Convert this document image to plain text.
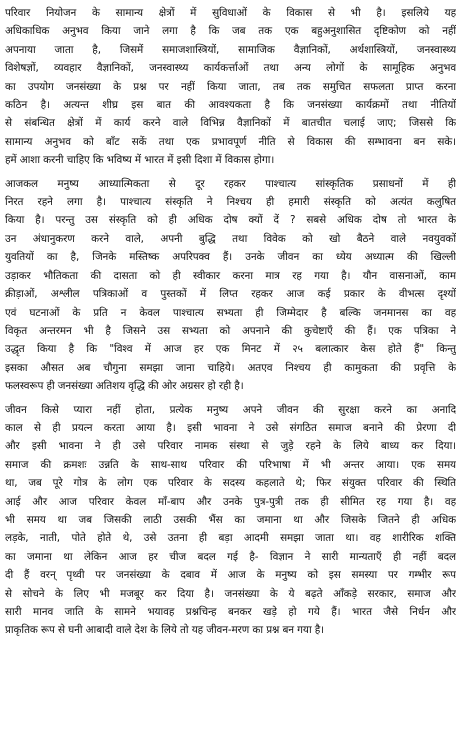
परिवार नियोजन के सामान्य क्षेत्रों में सुविधाओं के विकास से भी है। इसलिये यह
अधिकाधिक अनुभव किया जाने लगा है कि जब तक एक बहुअनुशासित दृष्टिकोण को नहीं
अपनाया जाता है, जिसमें समाजशास्त्रियों, सामाजिक वैज्ञानिकों, अर्थशास्त्रियों, जनस्वास्थ्य
विशेषज्ञों, व्यवहार वैज्ञानिकों, जनस्वास्थ्य कार्यकर्त्ताओं तथा अन्य लोगों के सामूहिक अनुभव
का उपयोग जनसंख्या के प्रश्न पर नहीं किया जाता, तब तक समुचित सफलता प्राप्त करना
कठिन है। अत्यन्त शीघ्र इस बात की आवश्यकता है कि जनसंख्या कार्यक्रमों तथा नीतियों
से संबन्धित क्षेत्रों में कार्य करने वाले विभिन्न वैज्ञानिकों में बातचीत चलाई जाए; जिससे कि
सामान्य अनुभव को बाँट सकें तथा एक प्रभावपूर्ण नीति से विकास की सम्भावना बन सके।
हमें आशा करनी चाहिए कि भविष्य में भारत में इसी दिशा में विकास होगा।
आजकल मनुष्य आध्यात्मिकता से दूर रहकर पाश्चात्य सांस्कृतिक प्रसाधनों में ही
निरत रहने लगा है। पाश्चात्य संस्कृति ने निश्चय ही हमारी संस्कृति को अत्यंत कलुषित
किया है। परन्तु उस संस्कृति को ही अधिक दोष क्यों दें ? सबसे अधिक दोष तो भारत के
उन अंधानुकरण करने वाले, अपनी बुद्धि तथा विवेक को खो बैठने वाले नवयुवकों
युवतियों का है, जिनके मस्तिष्क अपरिपक्व हैं। उनके जीवन का ध्येय अध्यात्म की खिल्ली
उड़ाकर भौतिकता की दासता को ही स्वीकार करना मात्र रह गया है। यौन वासनाओं, काम
क्रीड़ाओं, अश्लील पत्रिकाओं व पुस्तकों में लिप्त रहकर आज कई प्रकार के वीभत्स दृश्यों
एवं घटनाओं के प्रति न केवल पाश्चात्य सभ्यता ही जिम्मेदार है बल्कि जनमानस का वह
विकृत अन्तरमन भी है जिसने उस सभ्यता को अपनाने की कुचेष्टाएँ की हैं। एक पत्रिका ने
उद्धृत किया है कि "विश्व में आज हर एक मिनट में २५ बलात्कार केस होते हैं" किन्तु
इसका औसत अब चौगुना समझा जाना चाहिये। अतएव निश्चय ही कामुकता की प्रवृत्ति के
फलस्वरूप ही जनसंख्या अतिशय वृद्धि की ओर अग्रसर हो रही है।
जीवन किसे प्यारा नहीं होता, प्रत्येक मनुष्य अपने जीवन की सुरक्षा करने का अनादि
काल से ही प्रयत्न करता आया है। इसी भावना ने उसे संगठित समाज बनाने की प्रेरणा दी
और इसी भावना ने ही उसे परिवार नामक संस्था से जुड़े रहने के लिये बाध्य कर दिया।
समाज की क्रमशः उन्नति के साथ-साथ परिवार की परिभाषा में भी अन्तर आया। एक समय
था, जब पूरे गोत्र के लोग एक परिवार के सदस्य कहलाते थे; फिर संयुक्त परिवार की स्थिति
आई और आज परिवार केवल माँ-बाप और उनके पुत्र-पुत्री तक ही सीमित रह गया है। वह
भी समय था जब जिसकी लाठी उसकी भैंस का जमाना था और जिसके जितने ही अधिक
लड़के, नाती, पोते होते थे, उसे उतना ही बड़ा आदमी समझा जाता था। वह शारीरिक शक्ति
का जमाना था लेकिन आज हर चीज बदल गई है- विज्ञान ने सारी मान्यताएँ ही नहीं बदल
दी हैं वरन् पृथ्वी पर जनसंख्या के दबाव में आज के मनुष्य को इस समस्या पर गम्भीर रूप
से सोचने के लिए भी मजबूर कर दिया है। जनसंख्या के ये बढ़ते आँकड़े सरकार, समाज और
सारी मानव जाति के सामने भयावह प्रश्नचिन्ह बनकर खड़े हो गये हैं। भारत जैसे निर्धन और
प्राकृतिक रूप से घनी आबादी वाले देश के लिये तो यह जीवन-मरण का प्रश्न बन गया है।
